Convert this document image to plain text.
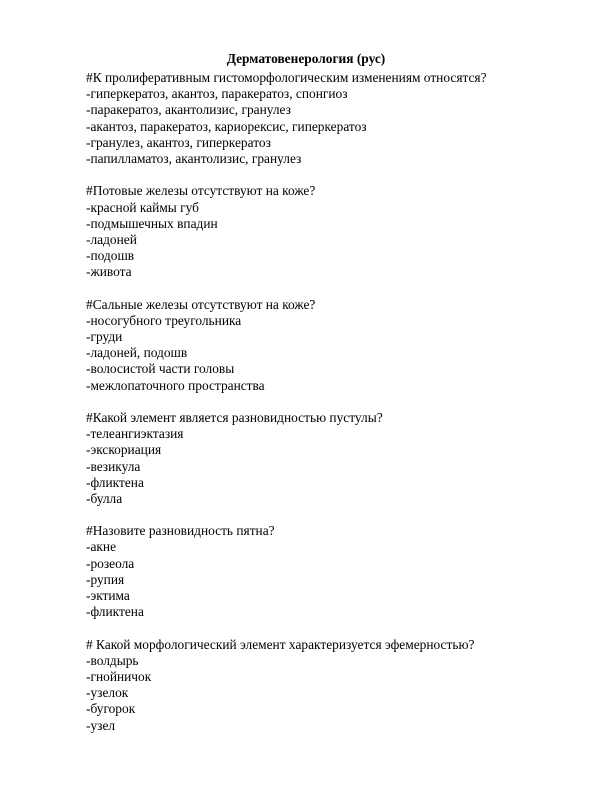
Дерматовенерология (рус)
#К пролиферативным гистоморфологическим изменениям относятся?
-гиперкератоз, акантоз, паракератоз, спонгиоз
-паракератоз, акантолизис, гранулез
-акантоз, паракератоз, кариорексис, гиперкератоз
-гранулез, акантоз, гиперкератоз
-папилламатоз, акантолизис, гранулез
#Потовые железы отсутствуют на коже?
-красной каймы губ
-подмышечных впадин
-ладоней
-подошв
-живота
#Сальные железы отсутствуют на коже?
-носогубного треугольника
-груди
-ладоней, подошв
-волосистой части головы
-межлопаточного пространства
#Какой элемент является разновидностью пустулы?
-телеангиэктазия
-экскориация
-везикула
-фликтена
-булла
#Назовите разновидность пятна?
-акне
-розеола
-рупия
-эктима
-фликтена
# Какой морфологический элемент характеризуется эфемерностью?
-волдырь
-гнойничок
-узелок
-бугорок
-узел
